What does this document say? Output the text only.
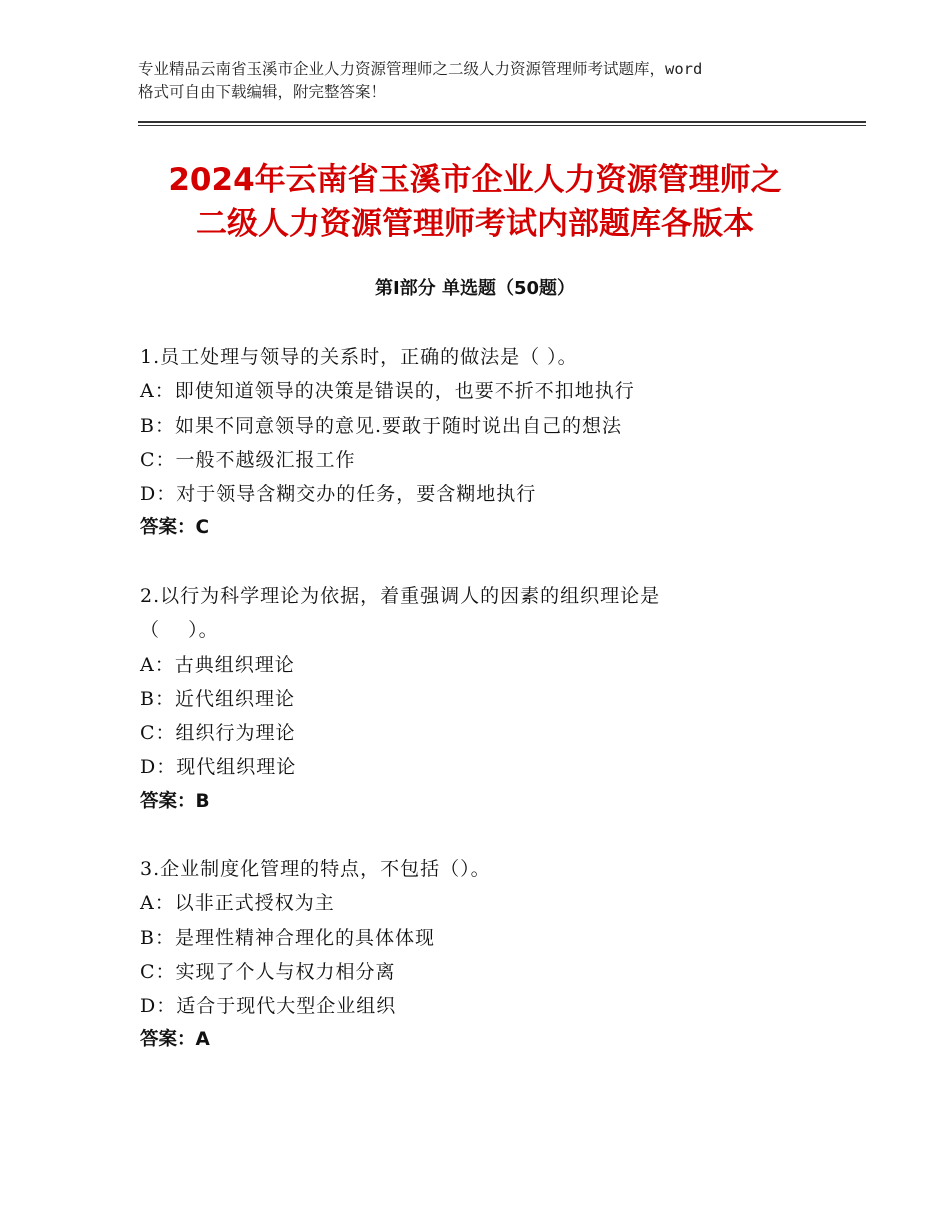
专业精品云南省玉溪市企业人力资源管理师之二级人力资源管理师考试题库，word
格式可自由下载编辑，附完整答案！
2024年云南省玉溪市企业人力资源管理师之
二级人力资源管理师考试内部题库各版本
第Ⅰ部分 单选题（50题）
1.员工处理与领导的关系时，正确的做法是（ ）。
A：即使知道领导的决策是错误的，也要不折不扣地执行
B：如果不同意领导的意见.要敢于随时说出自己的想法
C：一般不越级汇报工作
D：对于领导含糊交办的任务，要含糊地执行
答案：C
2.以行为科学理论为依据，着重强调人的因素的组织理论是
（    ）。
A：古典组织理论
B：近代组织理论
C：组织行为理论
D：现代组织理论
答案：B
3.企业制度化管理的特点，不包括（）。
A：以非正式授权为主
B：是理性精神合理化的具体体现
C：实现了个人与权力相分离
D：适合于现代大型企业组织
答案：A
